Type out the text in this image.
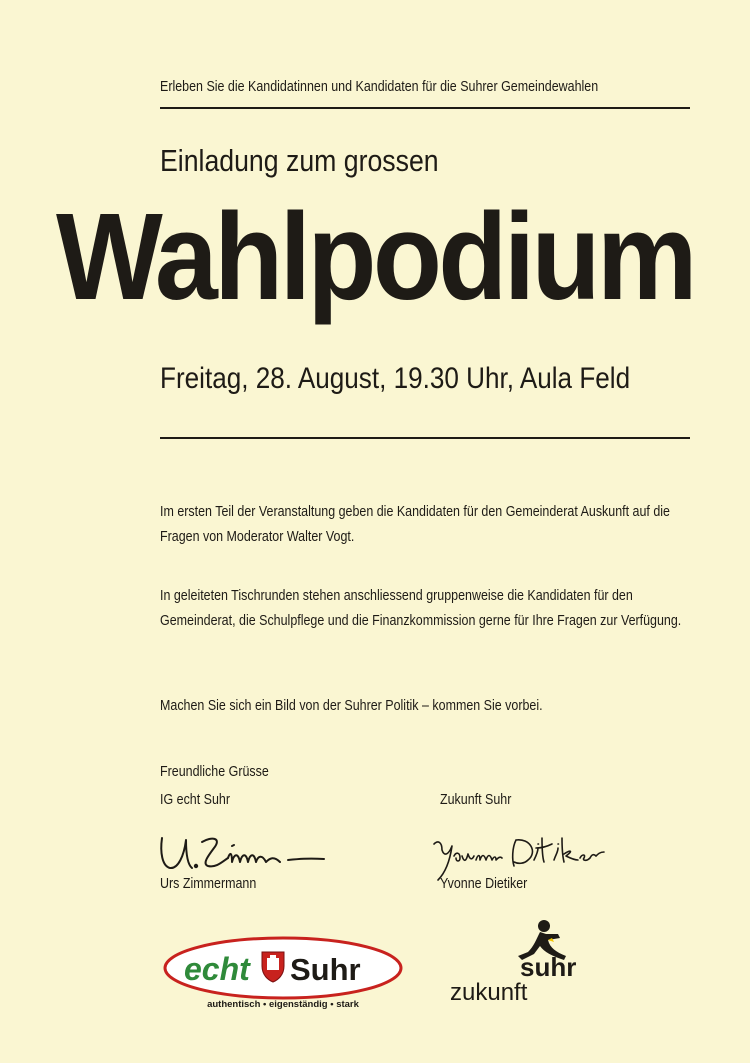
Erleben Sie die Kandidatinnen und Kandidaten für die Suhrer Gemeindewahlen
Einladung zum grossen
Wahlpodium
Freitag, 28. August, 19.30 Uhr, Aula Feld
Im ersten Teil der Veranstaltung geben die Kandidaten für den Gemeinderat Auskunft auf die Fragen von Moderator Walter Vogt.
In geleiteten Tischrunden stehen anschliessend gruppenweise die Kandidaten für den Gemeinderat, die Schulpflege und die Finanzkommission gerne für Ihre Fragen zur Verfügung.
Machen Sie sich ein Bild von der Suhrer Politik – kommen Sie vorbei.
Freundliche Grüsse
IG echt Suhr	Zukunft Suhr
Urs Zimmermann	Yvonne Dietiker
echt Suhr
authentisch • eigenständig • stark
suhr
zukunft
